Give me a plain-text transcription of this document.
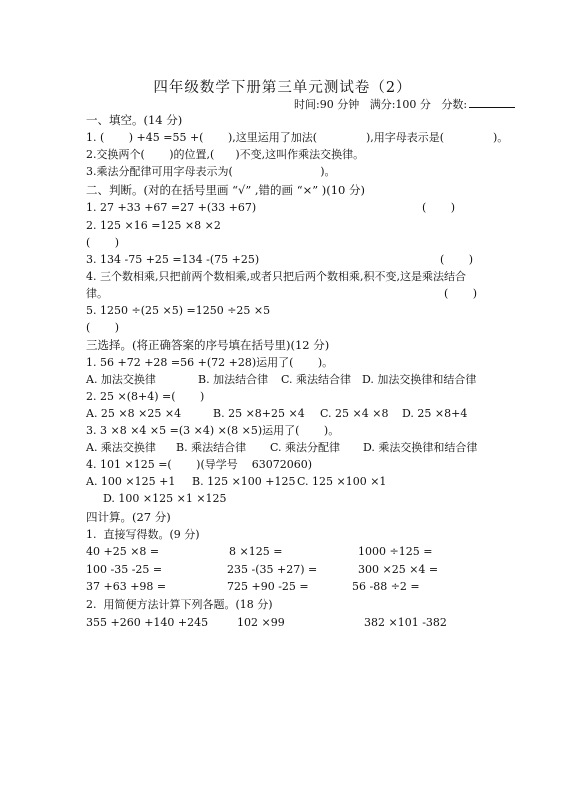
四年级数学下册第三单元测试卷（2）
时间:90 分钟 满分:100 分 分数:

一、填空。(14 分)

1. (       ) +45 =55 +(       ),这里运用了加法(              ),用字母表示是(              )。

2.交换两个(       )的位置,(      )不变,这叫作乘法交换律。

3.乘法分配律可用字母表示为(                         )。

二、判断。(对的在括号里画 “√” ,错的画 “×” )(10 分)

1. 27 +33 +67 =27 +(33 +67)	(       )

2. 125 ×16 =125 ×8 ×2

(       )

3. 134 -75 +25 =134 -(75 +25)	(       )

4. 三个数相乘,只把前两个数相乘,或者只把后两个数相乘,积不变,这是乘法结合

律。	(       )

5. 1250 ÷(25 ×5) =1250 ÷25 ×5

(       )

三选择。(将正确答案的序号填在括号里)(12 分)

1. 56 +72 +28 =56 +(72 +28)运用了(       )。

A. 加法交换律	B. 加法结合律 C. 乘法结合律 D. 加法交换律和结合律

2. 25 ×(8+4) =(       )

A. 25 ×8 ×25 ×4	B. 25 ×8+25 ×4 C. 25 ×4 ×8 D. 25 ×8+4

3. 3 ×8 ×4 ×5 =(3 ×4) ×(8 ×5)运用了(       )。

A. 乘法交换律 B. 乘法结合律 C. 乘法分配律 D. 乘法交换律和结合律

4. 101 ×125 =(       )(导学号    63072060)

A. 100 ×125 +1 B. 125 ×100 +125 C. 125 ×100 ×1
D. 100 ×125 ×1 ×125

四计算。(27 分)

1.  直接写得数。(9 分)

40 +25 ×8 =	8 ×125 =	1000 ÷125 =
100 -35 -25 =	235 -(35 +27) =	300 ×25 ×4 =
37 +63 +98 =	725 +90 -25 =	56 -88 ÷2 =

2.  用简便方法计算下列各题。(18 分)

355 +260 +140 +245	102 ×99	382 ×101 -382
